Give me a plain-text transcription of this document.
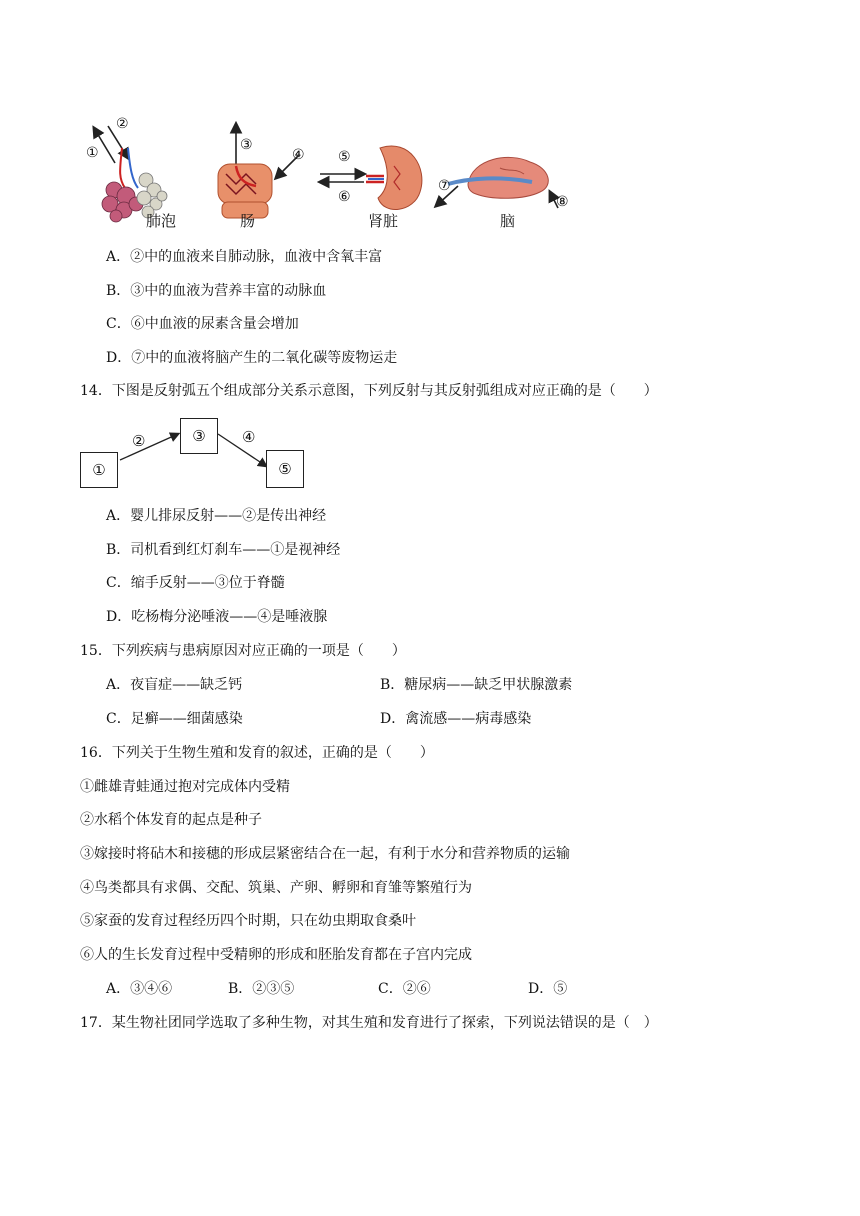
①
②
③
④ ⑤
⑥
⑦
⑧
肺泡	肠	肾脏	脑
A．②中的血液来自肺动脉，血液中含氧丰富
B．③中的血液为营养丰富的动脉血
C．⑥中血液的尿素含量会增加
D．⑦中的血液将脑产生的二氧化碳等废物运走
14．下图是反射弧五个组成部分关系示意图，下列反射与其反射弧组成对应正确的是（　　）
①
③
⑤
②	④
A．婴儿排尿反射——②是传出神经
B．司机看到红灯刹车——①是视神经
C．缩手反射——③位于脊髓
D．吃杨梅分泌唾液——④是唾液腺
15．下列疾病与患病原因对应正确的一项是（　　）
A．夜盲症——缺乏钙	B．糖尿病——缺乏甲状腺激素
C．足癣——细菌感染	D．禽流感——病毒感染
16．下列关于生物生殖和发育的叙述，正确的是（　　）
①雌雄青蛙通过抱对完成体内受精
②水稻个体发育的起点是种子
③嫁接时将砧木和接穗的形成层紧密结合在一起，有利于水分和营养物质的运输
④鸟类都具有求偶、交配、筑巢、产卵、孵卵和育雏等繁殖行为
⑤家蚕的发育过程经历四个时期，只在幼虫期取食桑叶
⑥人的生长发育过程中受精卵的形成和胚胎发育都在子宫内完成
A．③④⑥	B．②③⑤	C．②⑥	D．⑤
17．某生物社团同学选取了多种生物，对其生殖和发育进行了探索，下列说法错误的是（　）
